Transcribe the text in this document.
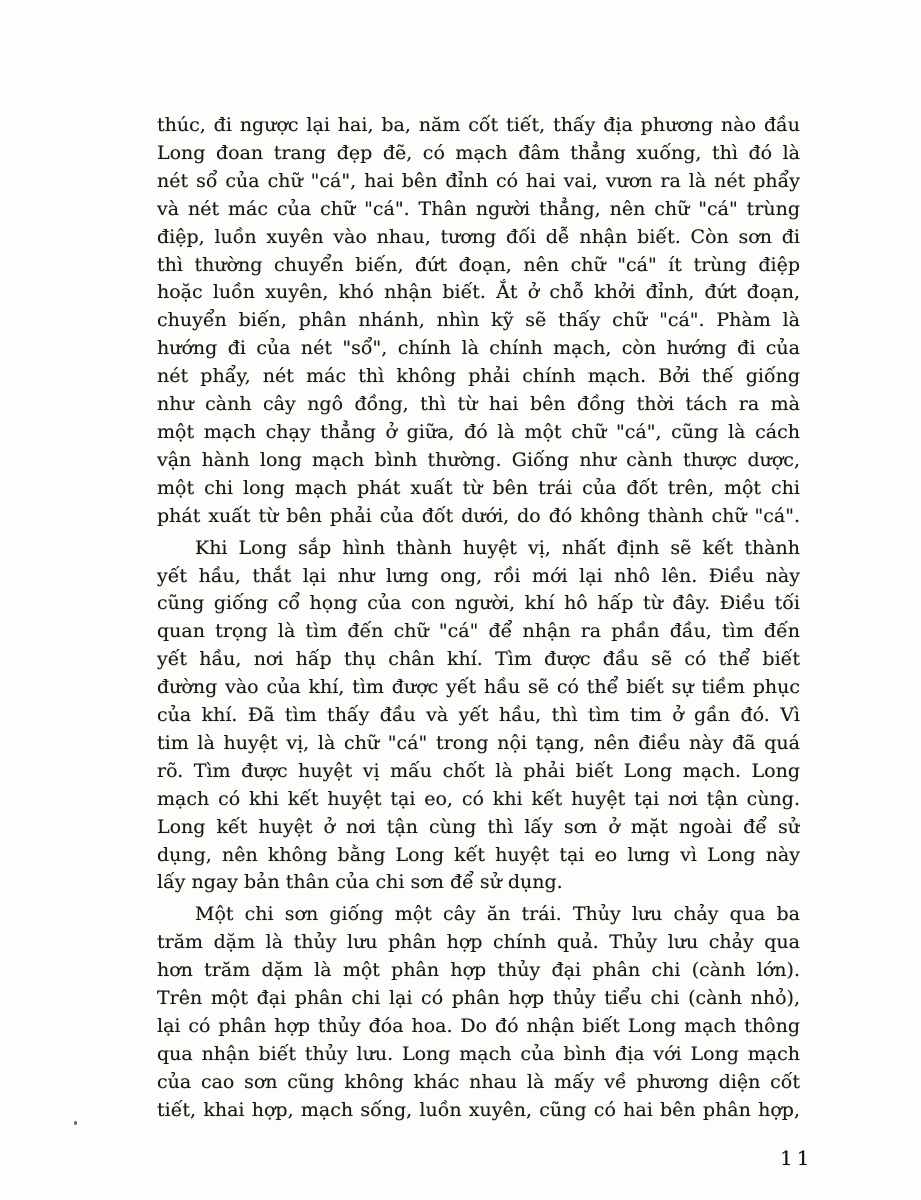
thúc, đi ngược lại hai, ba, năm cốt tiết, thấy địa phương nào đầu
Long đoan trang đẹp đẽ, có mạch đâm thẳng xuống, thì đó là
nét sổ của chữ "cá", hai bên đỉnh có hai vai, vươn ra là nét phẩy
và nét mác của chữ "cá". Thân người thẳng, nên chữ "cá" trùng
điệp, luồn xuyên vào nhau, tương đối dễ nhận biết. Còn sơn đi
thì thường chuyển biến, đứt đoạn, nên chữ "cá" ít trùng điệp
hoặc luồn xuyên, khó nhận biết. Ắt ở chỗ khởi đỉnh, đứt đoạn,
chuyển biến, phân nhánh, nhìn kỹ sẽ thấy chữ "cá". Phàm là
hướng đi của nét "sổ", chính là chính mạch, còn hướng đi của
nét phẩy, nét mác thì không phải chính mạch. Bởi thế giống
như cành cây ngô đồng, thì từ hai bên đồng thời tách ra mà
một mạch chạy thẳng ở giữa, đó là một chữ "cá", cũng là cách
vận hành long mạch bình thường. Giống như cành thược dược,
một chi long mạch phát xuất từ bên trái của đốt trên, một chi
phát xuất từ bên phải của đốt dưới, do đó không thành chữ "cá".

Khi Long sắp hình thành huyệt vị, nhất định sẽ kết thành
yết hầu, thắt lại như lưng ong, rồi mới lại nhô lên. Điều này
cũng giống cổ họng của con người, khí hô hấp từ đây. Điều tối
quan trọng là tìm đến chữ "cá" để nhận ra phần đầu, tìm đến
yết hầu, nơi hấp thụ chân khí. Tìm được đầu sẽ có thể biết
đường vào của khí, tìm được yết hầu sẽ có thể biết sự tiềm phục
của khí. Đã tìm thấy đầu và yết hầu, thì tìm tim ở gần đó. Vì
tim là huyệt vị, là chữ "cá" trong nội tạng, nên điều này đã quá
rõ. Tìm được huyệt vị mấu chốt là phải biết Long mạch. Long
mạch có khi kết huyệt tại eo, có khi kết huyệt tại nơi tận cùng.
Long kết huyệt ở nơi tận cùng thì lấy sơn ở mặt ngoài để sử
dụng, nên không bằng Long kết huyệt tại eo lưng vì Long này
lấy ngay bản thân của chi sơn để sử dụng.

Một chi sơn giống một cây ăn trái. Thủy lưu chảy qua ba
trăm dặm là thủy lưu phân hợp chính quả. Thủy lưu chảy qua
hơn trăm dặm là một phân hợp thủy đại phân chi (cành lớn).
Trên một đại phân chi lại có phân hợp thủy tiểu chi (cành nhỏ),
lại có phân hợp thủy đóa hoa. Do đó nhận biết Long mạch thông
qua nhận biết thủy lưu. Long mạch của bình địa với Long mạch
của cao sơn cũng không khác nhau là mấy về phương diện cốt
tiết, khai hợp, mạch sống, luồn xuyên, cũng có hai bên phân hợp,

11
